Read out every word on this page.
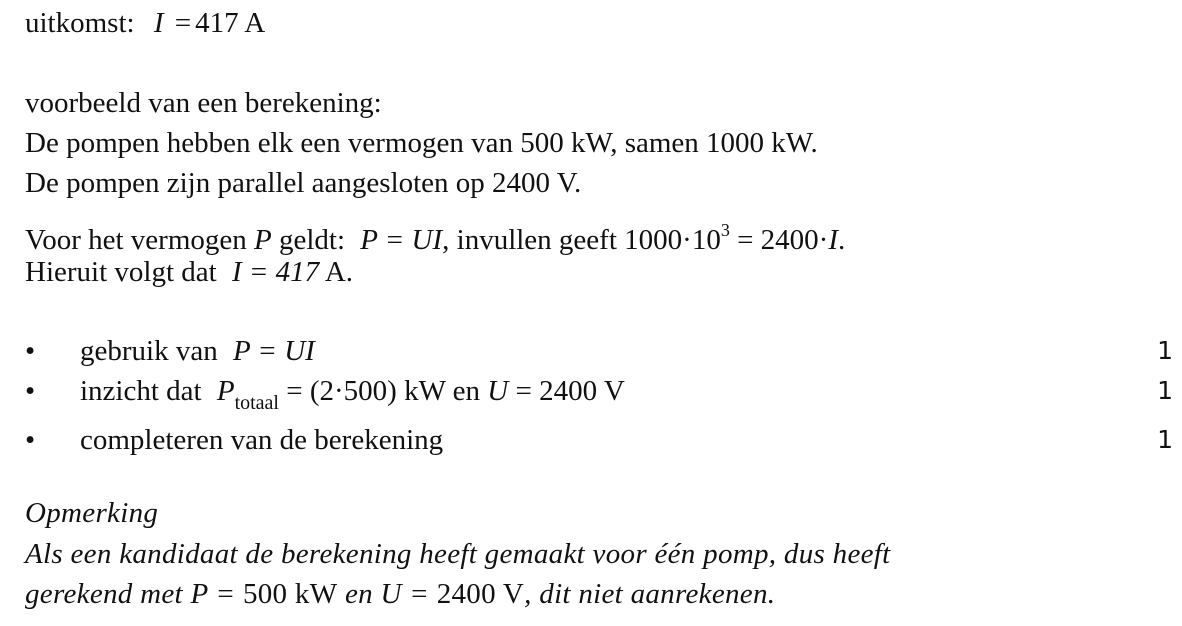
uitkomst: I = 417 A
voorbeeld van een berekening:
De pompen hebben elk een vermogen van 500 kW, samen 1000 kW.
De pompen zijn parallel aangesloten op 2400 V.
Voor het vermogen P geldt: P = UI, invullen geeft $1000\cdot 10^3 = 2400\cdot I$.
Hieruit volgt dat I = 417 A.
• gebruik van P = UI	1
• inzicht dat $P_{totaal} = (2\cdot 500)$ kW en U = 2400 V	1
• completeren van de berekening	1
Opmerking
Als een kandidaat de berekening heeft gemaakt voor één pomp, dus heeft
gerekend met P = 500 kW en U = 2400 V, dit niet aanrekenen.
